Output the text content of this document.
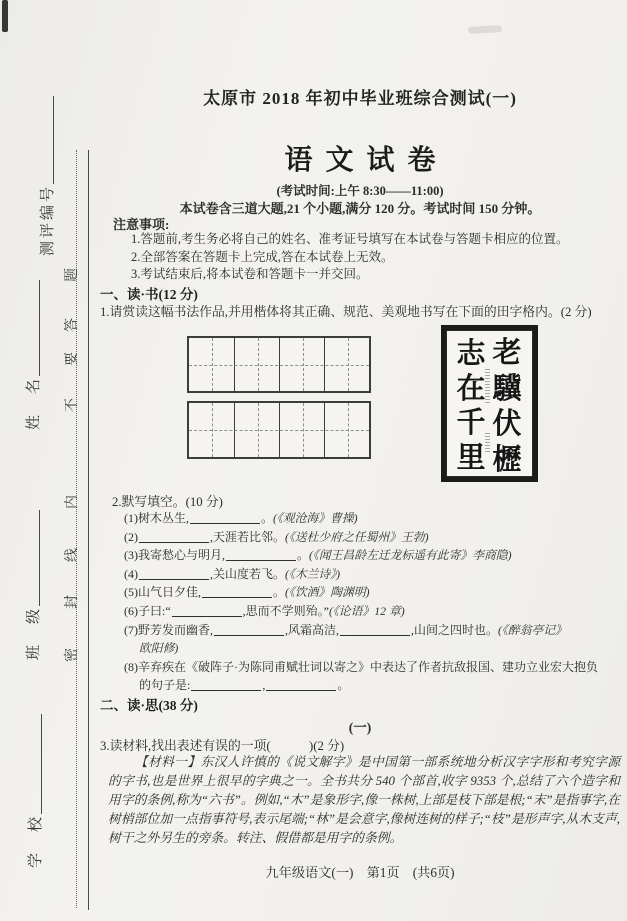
题
答
要
不
内
线
封
密
测评编号
姓　名
班　级
学　校
太原市 2018 年初中毕业班综合测试(一)
语文试卷
(考试时间:上午 8:30——11:00)
本试卷含三道大题,21 个小题,满分 120 分。考试时间 150 分钟。
注意事项:
1.答题前,考生务必将自己的姓名、准考证号填写在本试卷与答题卡相应的位置。
2.全部答案在答题卡上完成,答在本试卷上无效。
3.考试结束后,将本试卷和答题卡一并交回。
一、读·书(12 分)
1.请赏读这幅书法作品,并用楷体将其正确、规范、美观地书写在下面的田字格内。(2 分)
老
驥
伏
櫪
志
在
千
里
2.默写填空。(10 分)
(1)树木丛生,	。(《观沧海》曹操)
(2)	,天涯若比邻。(《送杜少府之任蜀州》王勃)
(3)我寄愁心与明月,	。(《闻王昌龄左迁龙标遥有此寄》李商隐)
(4)	,关山度若飞。(《木兰诗》)
(5)山气日夕佳,	。(《饮酒》陶渊明)
(6)子曰:“	,思而不学则殆。”(《论语》12 章)
(7)野芳发而幽香,	,风霜高洁,	,山间之四时也。(《醉翁亭记》
欧阳修)
(8)辛弃疾在《破阵子·为陈同甫赋壮词以寄之》中表达了作者抗敌报国、建功立业宏大抱负
的句子是:	,	。
二、读·思(38 分)
(一)
3.读材料,找出表述有误的一项(　　　)(2 分)
【材料一】东汉人许慎的《说文解字》是中国第一部系统地分析汉字字形和考究字源的字书,也是世界上很早的字典之一。全书共分 540 个部首,收字 9353 个,总结了六个造字和用字的条例,称为“六书”。例如,“木”是象形字,像一株树,上部是枝下部是根;“末”是指事字,在树梢部位加一点指事符号,表示尾端;“林”是会意字,像树连树的样子;“枝”是形声字,从木支声,树干之外另生的旁条。转注、假借都是用字的条例。
九年级语文(一)　第1页　(共6页)
